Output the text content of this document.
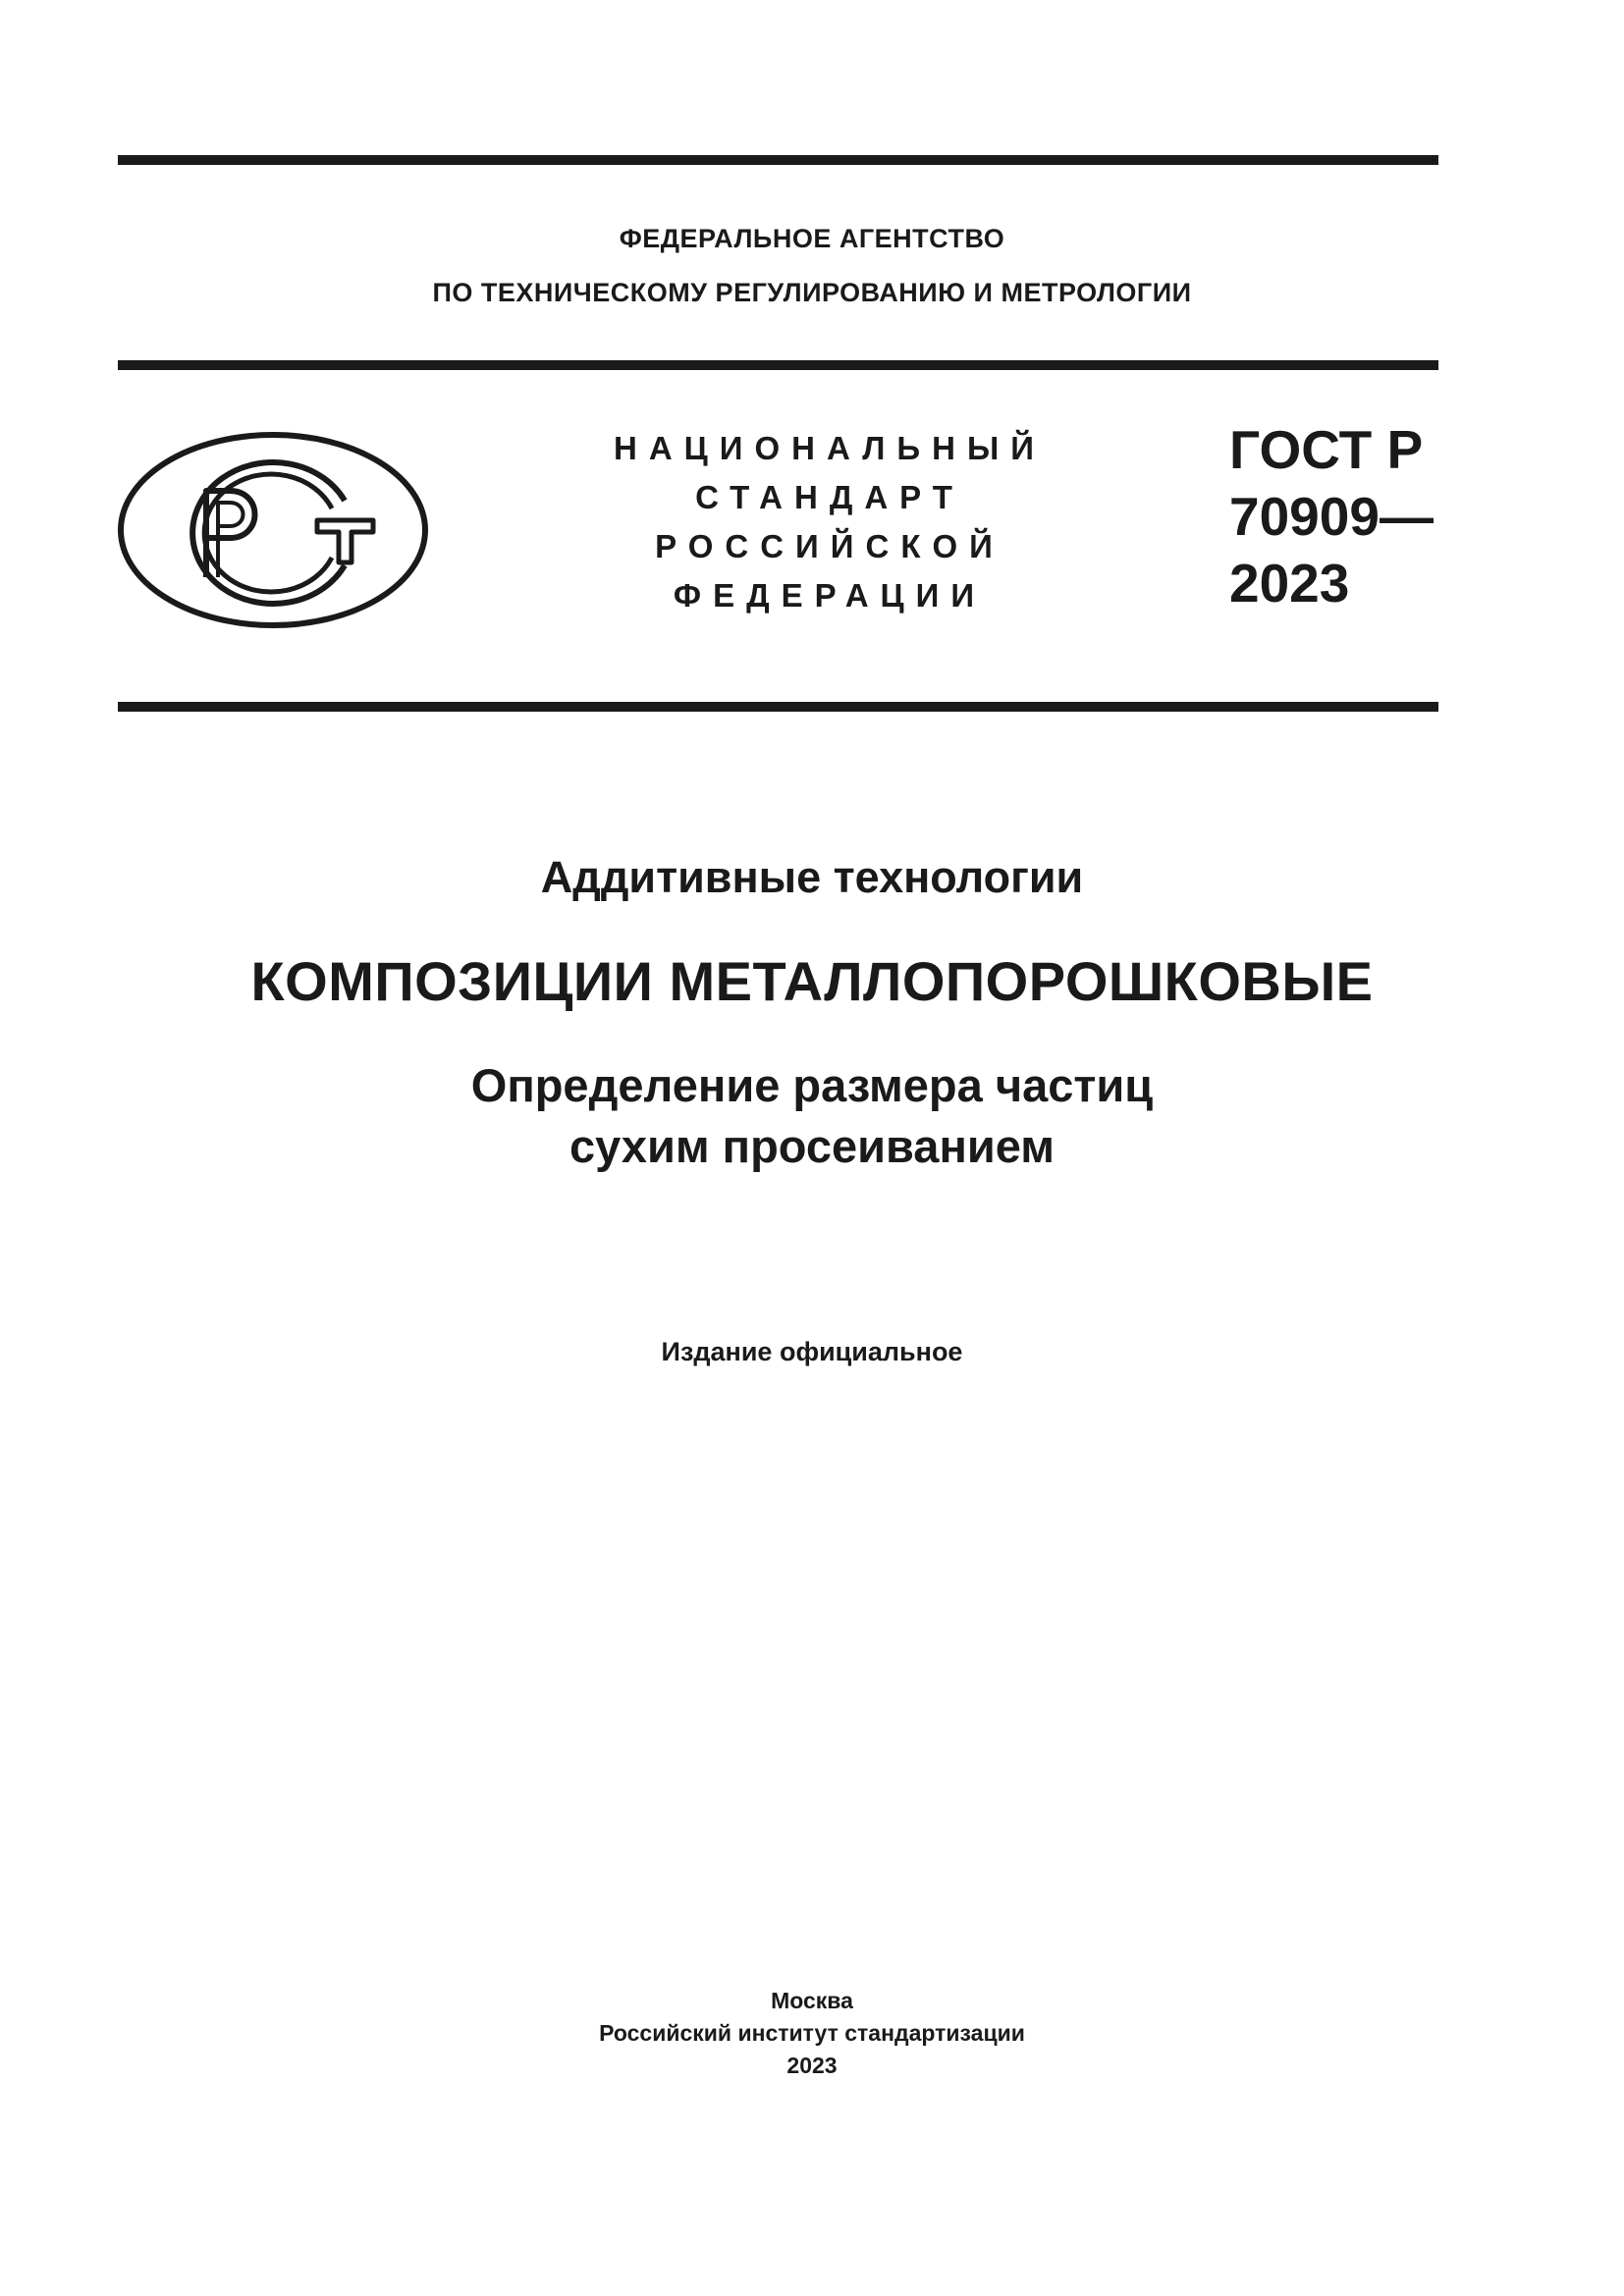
ФЕДЕРАЛЬНОЕ АГЕНТСТВО
ПО ТЕХНИЧЕСКОМУ РЕГУЛИРОВАНИЮ И МЕТРОЛОГИИ
НАЦИОНАЛЬНЫЙ
СТАНДАРТ
РОССИЙСКОЙ
ФЕДЕРАЦИИ
ГОСТ Р
70909—
2023
Аддитивные технологии
КОМПОЗИЦИИ МЕТАЛЛОПОРОШКОВЫЕ
Определение размера частиц
сухим просеиванием
Издание официальное
Москва
Российский институт стандартизации
2023
